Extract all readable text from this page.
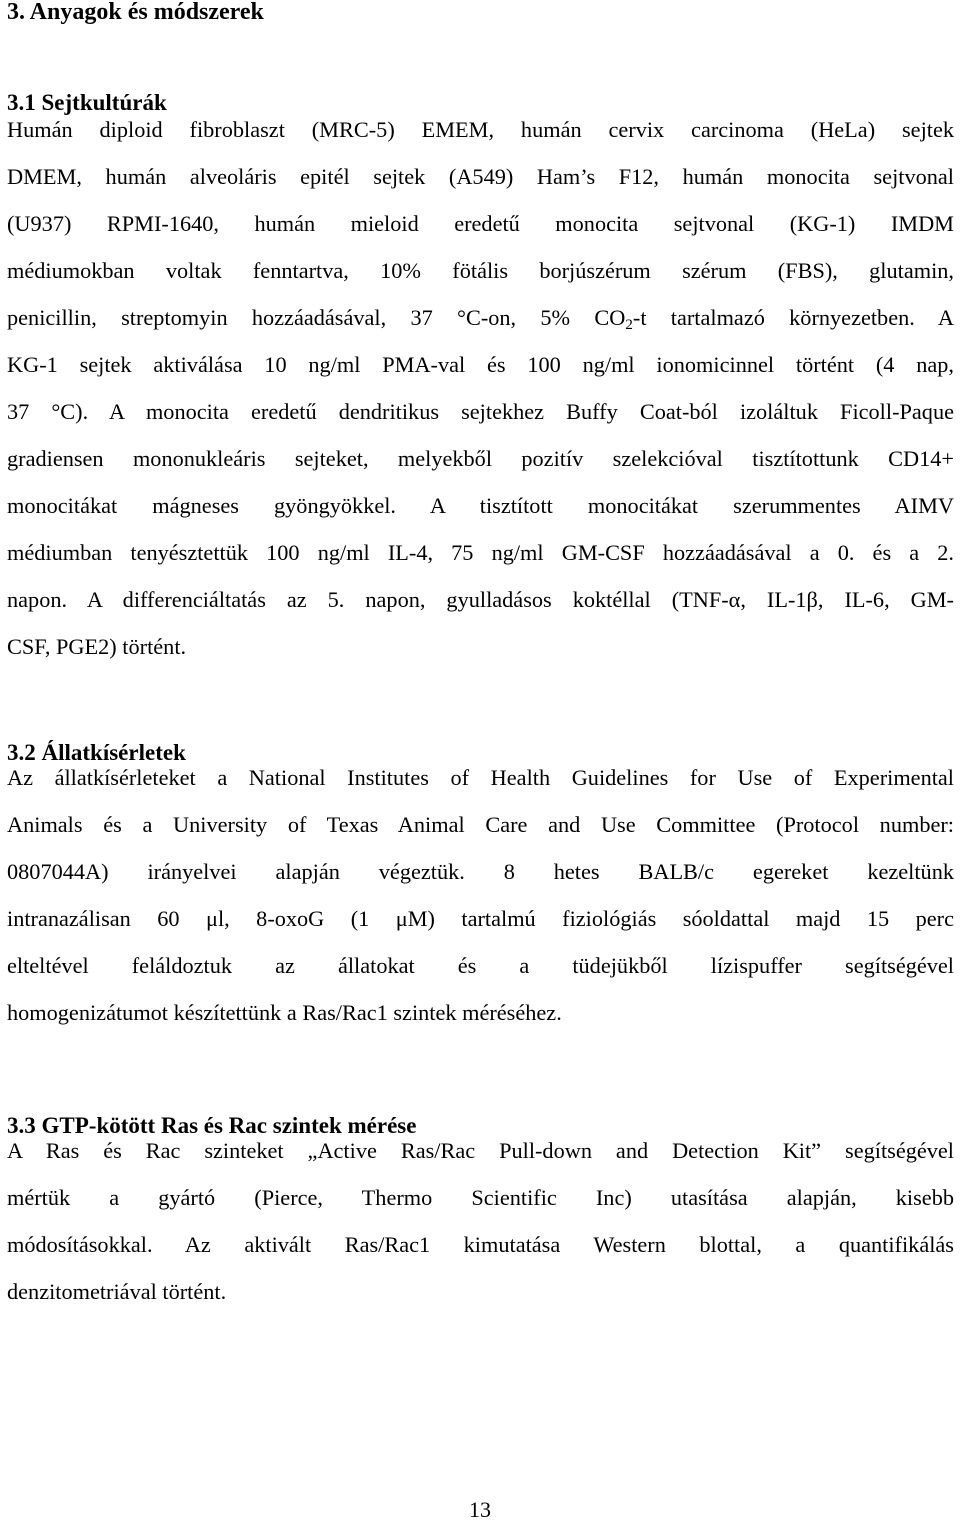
3. Anyagok és módszerek
3.1 Sejtkultúrák
Humán diploid fibroblaszt (MRC-5) EMEM, humán cervix carcinoma (HeLa) sejtek
DMEM, humán alveoláris epitél sejtek (A549) Ham’s F12, humán monocita sejtvonal
(U937) RPMI-1640, humán mieloid eredetű monocita sejtvonal (KG-1) IMDM
médiumokban voltak fenntartva, 10% fötális borjúszérum szérum (FBS), glutamin,
penicillin, streptomyin hozzáadásával, 37 °C-on, 5% $CO_2-t$ tartalmazó környezetben. A
KG-1 sejtek aktiválása 10 ng/ml PMA-val és 100 ng/ml ionomicinnel történt (4 nap,
37 °C). A monocita eredetű dendritikus sejtekhez Buffy Coat-ból izoláltuk Ficoll-Paque
gradiensen mononukleáris sejteket, melyekből pozitív szelekcióval tisztítottunk CD14+
monocitákat mágneses gyöngyökkel. A tisztított monocitákat szerummentes AIMV
médiumban tenyésztettük 100 ng/ml IL-4, 75 ng/ml GM-CSF hozzáadásával a 0. és a 2.
napon. A differenciáltatás az 5. napon, gyulladásos koktéllal (TNF-α, IL-1β, IL-6, GM-
CSF, PGE2) történt.
3.2 Állatkísérletek
Az állatkísérleteket a National Institutes of Health Guidelines for Use of Experimental
Animals és a University of Texas Animal Care and Use Committee (Protocol number:
0807044A) irányelvei alapján végeztük. 8 hetes BALB/c egereket kezeltünk
intranazálisan 60 μl, 8-oxoG (1 μM) tartalmú fiziológiás sóoldattal majd 15 perc
elteltével feláldoztuk az állatokat és a tüdejükből lízispuffer segítségével
homogenizátumot készítettünk a Ras/Rac1 szintek méréséhez.
3.3 GTP-kötött Ras és Rac szintek mérése
A Ras és Rac szinteket „Active Ras/Rac Pull-down and Detection Kit” segítségével
mértük a gyártó (Pierce, Thermo Scientific Inc) utasítása alapján, kisebb
módosításokkal. Az aktivált Ras/Rac1 kimutatása Western blottal, a quantifikálás
denzitometriával történt.
13
